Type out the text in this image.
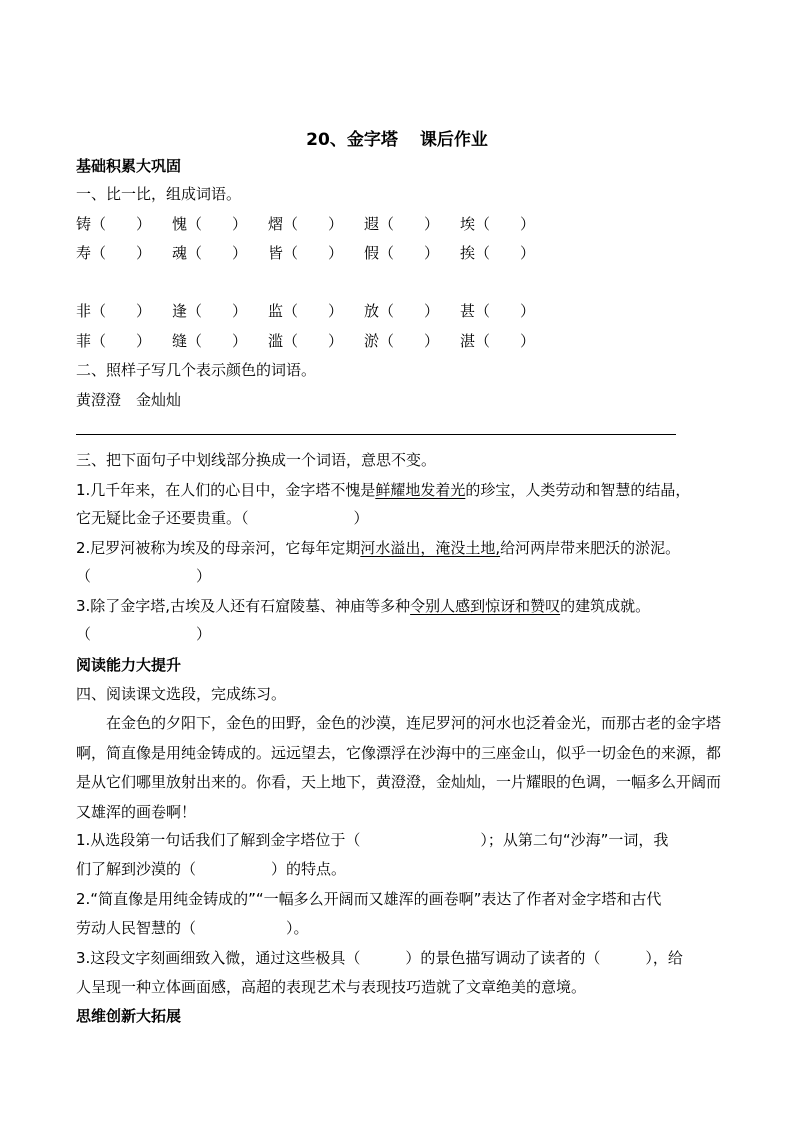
20、金字塔 课后作业
基础积累大巩固
一、比一比，组成词语。
铸（　　） 愧（　　） 熠（　　） 遐（　　） 埃（　　）
寿（　　） 魂（　　） 皆（　　） 假（　　） 挨（　　）
非（　　） 逢（　　） 监（　　） 放（　　） 甚（　　）
菲（　　） 缝（　　） 滥（　　） 淤（　　） 湛（　　）
二、照样子写几个表示颜色的词语。
黄澄澄　金灿灿
三、把下面句子中划线部分换成一个词语，意思不变。
1.几千年来，在人们的心目中，金字塔不愧是鲜耀地发着光的珍宝，人类劳动和智慧的结晶，
它无疑比金子还要贵重。（　　　　　　　）
2.尼罗河被称为埃及的母亲河，它每年定期河水溢出，淹没土地,给河两岸带来肥沃的淤泥。
（　　　　　　　）
3.除了金字塔,古埃及人还有石窟陵墓、神庙等多种令别人感到惊讶和赞叹的建筑成就。
（　　　　　　　）
阅读能力大提升
四、阅读课文选段，完成练习。
　　在金色的夕阳下，金色的田野，金色的沙漠，连尼罗河的河水也泛着金光，而那古老的金字塔啊，简直像是用纯金铸成的。远远望去，它像漂浮在沙海中的三座金山，似乎一切金色的来源，都是从它们哪里放射出来的。你看，天上地下，黄澄澄，金灿灿，一片耀眼的色调，一幅多么开阔而又雄浑的画卷啊！
1.从选段第一句话我们了解到金字塔位于（　　　　　　　　）；从第二句“沙海”一词，我
们了解到沙漠的（　　　　　）的特点。
2.“简直像是用纯金铸成的”“一幅多么开阔而又雄浑的画卷啊”表达了作者对金字塔和古代
劳动人民智慧的（　　　　　　）。
3.这段文字刻画细致入微，通过这些极具（　　　）的景色描写调动了读者的（　　　），给
人呈现一种立体画面感，高超的表现艺术与表现技巧造就了文章绝美的意境。
思维创新大拓展
